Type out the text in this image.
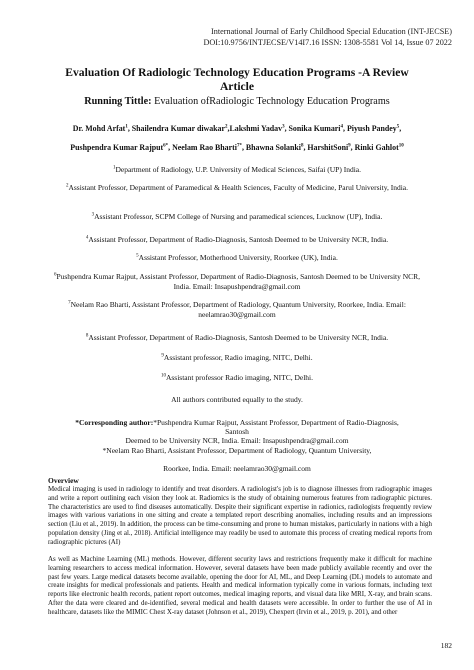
International Journal of Early Childhood Special Education (INT-JECSE)
DOI:10.9756/INTJECSE/V14I7.16 ISSN: 1308-5581 Vol 14, Issue 07 2022
Evaluation Of Radiologic Technology Education Programs -A Review
Article
Running Tittle: Evaluation ofRadiologic Technology Education Programs
Dr. Mohd Arfat$^1$, Shailendra Kumar diwakar$^2$,Lakshmi Yadav$^3$, Sonika Kumari$^4$, Piyush Pandey$^5$,
Pushpendra Kumar Rajput$^{6*}$, Neelam Rao Bharti$^{7*}$, Bhawna Solanki$^8$, HarshitSoni$^9$, Rinki Gahlot$^{10}$
$^1$Department of Radiology, U.P. University of Medical Sciences, Saifai (UP) India.
$^2$Assistant Professor, Department of Paramedical & Health Sciences, Faculty of Medicine, Parul University, India.
$^3$Assistant Professor, SCPM College of Nursing and paramedical sciences, Lucknow (UP), India.
$^4$Assistant Professor, Department of Radio-Diagnosis, Santosh Deemed to be University NCR, India.
$^5$Assistant Professor, Motherhood University, Roorkee (UK), India.
$^6$Pushpendra Kumar Rajput, Assistant Professor, Department of Radio-Diagnosis, Santosh Deemed to be University NCR, India. Email: Insapushpendra@gmail.com
$^7$Neelam Rao Bharti, Assistant Professor, Department of Radiology, Quantum University, Roorkee, India. Email: neelamrao30@gmail.com
$^8$Assistant Professor, Department of Radio-Diagnosis, Santosh Deemed to be University NCR, India.
$^9$Assistant professor, Radio imaging, NITC, Delhi.
$^{10}$Assistant professor Radio imaging, NITC, Delhi.
All authors contributed equally to the study.
*Corresponding author:*Pushpendra Kumar Rajput, Assistant Professor, Department of Radio-Diagnosis,
Santosh
Deemed to be University NCR, India. Email: Insapushpendra@gmail.com
*Neelam Rao Bharti, Assistant Professor, Department of Radiology, Quantum University,
Roorkee, India. Email: neelamrao30@gmail.com
Overview
Medical imaging is used in radiology to identify and treat disorders. A radiologist's job is to diagnose illnesses from radiographic images and write a report outlining each vision they look at. Radiomics is the study of obtaining numerous features from radiographic pictures. The characteristics are used to find diseases automatically. Despite their significant expertise in radionics, radiologists frequently review images with various variations in one sitting and create a templated report describing anomalies, including results and an impressions section (Liu et al., 2019). In addition, the process can be time-consuming and prone to human mistakes, particularly in nations with a high population density (Jing et al., 2018). Artificial intelligence may readily be used to automate this process of creating medical reports from radiographic pictures (AI)
As well as Machine Learning (ML) methods. However, different security laws and restrictions frequently make it difficult for machine learning researchers to access medical information. However, several datasets have been made publicly available recently and over the past few years. Large medical datasets become available, opening the door for AI, ML, and Deep Learning (DL) models to automate and create insights for medical professionals and patients. Health and medical information typically come in various formats, including text reports like electronic health records, patient report outcomes, medical imaging reports, and visual data like MRI, X-ray, and brain scans. After the data were cleared and de-identified, several medical and health datasets were accessible. In order to further the use of AI in healthcare, datasets like the MIMIC Chest X-ray dataset (Johnson et al., 2019), Chexpert (Irvin et al., 2019, p. 201), and other
182
